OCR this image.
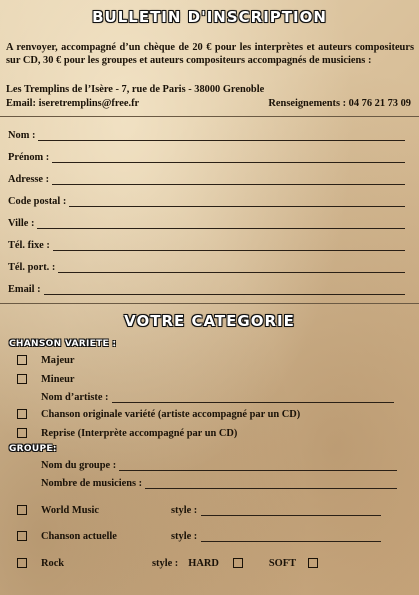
BULLETIN D'INSCRIPTION

A renvoyer, accompagné d’un chèque de 20 € pour les interprètes et auteurs compositeurs sur CD, 30 € pour les groupes et auteurs compositeurs accompagnés de musiciens :

Les Tremplins de l’Isère - 7, rue de Paris - 38000 Grenoble
Email: iseretremplins@free.fr	Renseignements : 04 76 21 73 09
Nom :
Prénom :
Adresse :
Code postal :
Ville :
Tél. fixe :
Tél. port. :
Email :
VOTRE CATEGORIE
CHANSON VARIETE :
Majeur
Mineur
Nom d’artiste :
Chanson originale variété (artiste accompagné par un CD)
Reprise (Interprète accompagné par un CD)
GROUPE:
Nom du groupe :
Nombre de musiciens :
World Music	style :
Chanson actuelle	style :
Rock	style : HARD	SOFT
